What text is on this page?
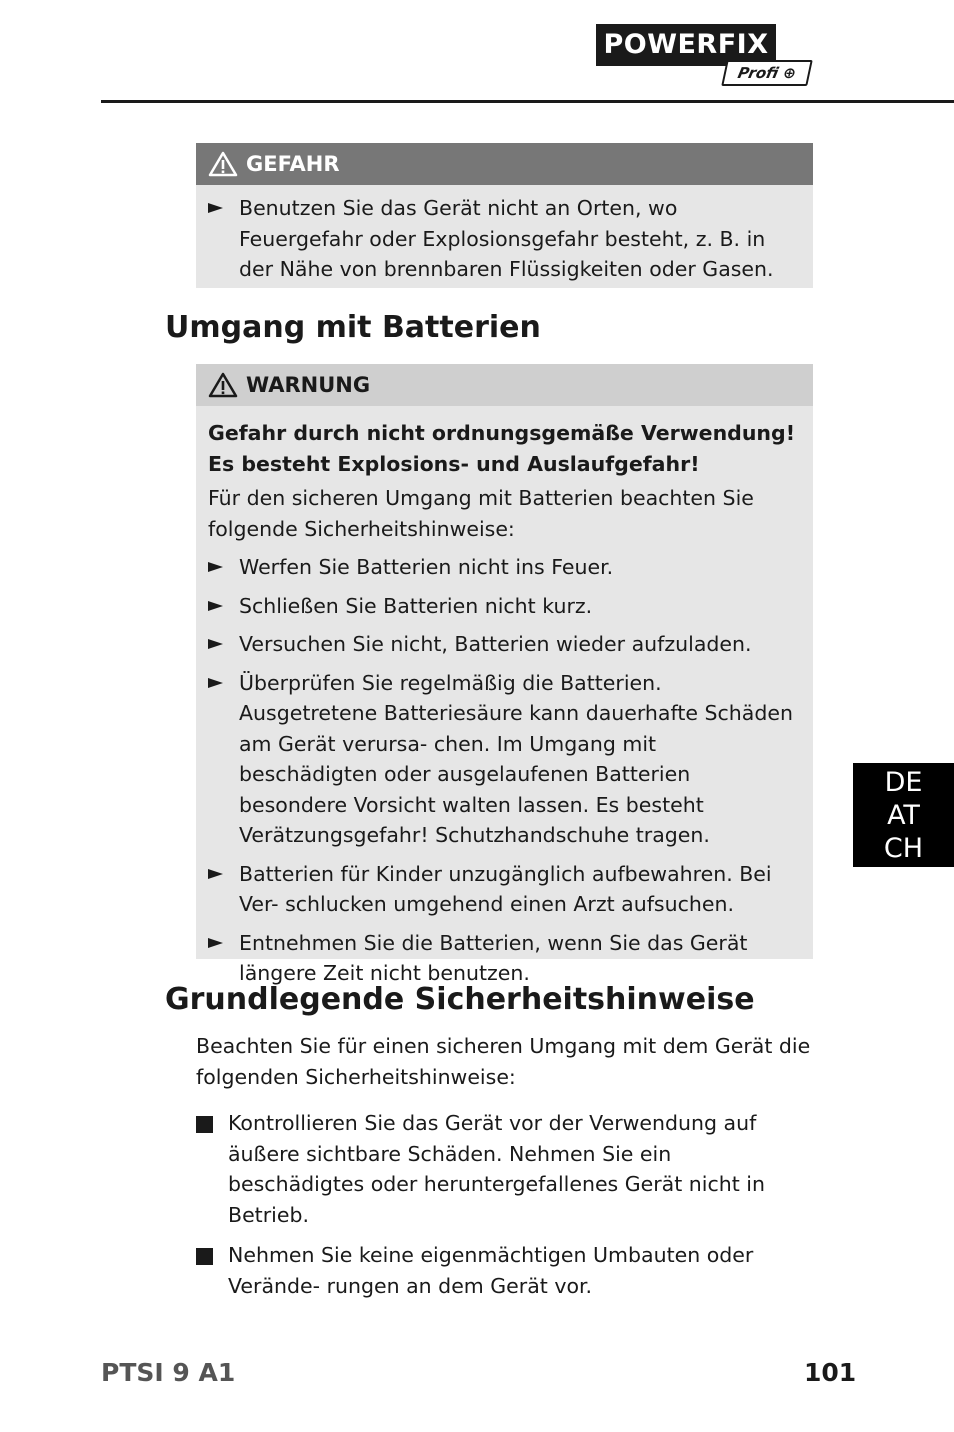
POWERFIX
Profi ⊕
GEFAHR
Benutzen Sie das Gerät nicht an Orten, wo Feuergefahr oder Explosionsgefahr besteht, z. B. in der Nähe von brennbaren Flüssigkeiten oder Gasen.
Umgang mit Batterien
WARNUNG

Gefahr durch nicht ordnungsgemäße Verwendung! Es besteht Explosions- und Auslaufgefahr!

Für den sicheren Umgang mit Batterien beachten Sie folgende Sicherheitshinweise:

Werfen Sie Batterien nicht ins Feuer.
Schließen Sie Batterien nicht kurz.
Versuchen Sie nicht, Batterien wieder aufzuladen.
Überprüfen Sie regelmäßig die Batterien. Ausgetretene Batteriesäure kann dauerhafte Schäden am Gerät verursa- chen. Im Umgang mit beschädigten oder ausgelaufenen Batterien besondere Vorsicht walten lassen. Es besteht Verätzungsgefahr! Schutzhandschuhe tragen.
Batterien für Kinder unzugänglich aufbewahren. Bei Ver- schlucken umgehend einen Arzt aufsuchen.
Entnehmen Sie die Batterien, wenn Sie das Gerät längere Zeit nicht benutzen.
Grundlegende Sicherheitshinweise

Beachten Sie für einen sicheren Umgang mit dem Gerät die folgenden Sicherheitshinweise:

Kontrollieren Sie das Gerät vor der Verwendung auf äußere sichtbare Schäden. Nehmen Sie ein beschädigtes oder heruntergefallenes Gerät nicht in Betrieb.
Nehmen Sie keine eigenmächtigen Umbauten oder Verände- rungen an dem Gerät vor.
DE
AT
CH
PTSI 9 A1	101
